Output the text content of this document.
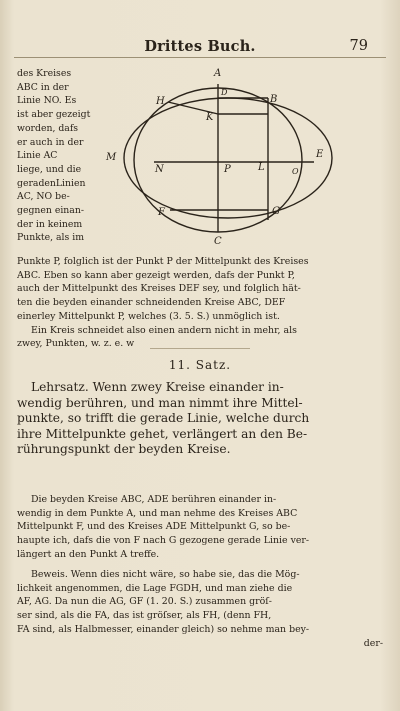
Drittes Buch.	79
des Kreises
ABC in der
Linie NO. Es
ist aber gezeigt
worden, dafs
er auch in der
Linie AC
liege, und die
geradenLinien
AC, NO be-
gegnen einan-
der in keinem
Punkte, als im
A
D
B
H
K
M	E
N	P	L	O
F	G
C
Punkte P, folglich ist der Punkt P der Mittelpunkt des Kreises
ABC. Eben so kann aber gezeigt werden, dafs der Punkt P,
auch der Mittelpunkt des Kreises DEF sey, und folglich hät-
ten die beyden einander schneidenden Kreise ABC, DEF
einerley Mittelpunkt P, welches (3. 5. S.) unmöglich ist.
Ein Kreis schneidet also einen andern nicht in mehr, als
zwey, Punkten, w. z. e. w
11. Satz.
Lehrsatz. Wenn zwey Kreise einander in-
wendig berühren, und man nimmt ihre Mittel-
punkte, so trifft die gerade Linie, welche durch
ihre Mittelpunkte gehet, verlängert an den Be-
rührungspunkt der beyden Kreise.
Die beyden Kreise ABC, ADE berühren einander in-
wendig in dem Punkte A, und man nehme des Kreises ABC
Mittelpunkt F, und des Kreises ADE Mittelpunkt G, so be-
haupte ich, dafs die von F nach G gezogene gerade Linie ver-
längert an den Punkt A treffe.
Beweis. Wenn dies nicht wäre, so habe sie, das die Mög-
lichkeit angenommen, die Lage FGDH, und man ziehe die
AF, AG. Da nun die AG, GF (1. 20. S.) zusammen gröſ-
ser sind, als die FA, das ist gröſser, als FH, (denn FH,
FA sind, als Halbmesser, einander gleich) so nehme man bey-
der-
